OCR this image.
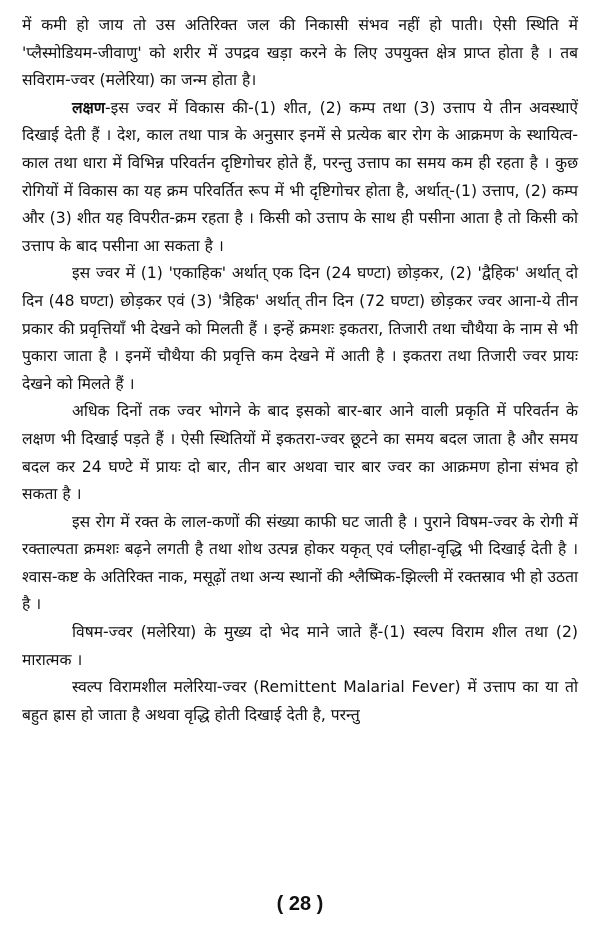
में कमी हो जाय तो उस अतिरिक्त जल की निकासी संभव नहीं हो पाती। ऐसी स्थिति में 'प्लैस्मोडियम-जीवाणु' को शरीर में उपद्रव खड़ा करने के लिए उपयुक्त क्षेत्र प्राप्त होता है । तब सविराम-ज्वर (मलेरिया) का जन्म होता है।

लक्षण-इस ज्वर में विकास की-(1) शीत, (2) कम्प तथा (3) उत्ताप ये तीन अवस्थाऐं दिखाई देती हैं । देश, काल तथा पात्र के अनुसार इनमें से प्रत्येक बार रोग के आक्रमण के स्थायित्व-काल तथा धारा में विभिन्न परिवर्तन दृष्टिगोचर होते हैं, परन्तु उत्ताप का समय कम ही रहता है । कुछ रोगियों में विकास का यह क्रम परिवर्तित रूप में भी दृष्टिगोचर होता है, अर्थात्-(1) उत्ताप, (2) कम्प और (3) शीत यह विपरीत-क्रम रहता है । किसी को उत्ताप के साथ ही पसीना आता है तो किसी को उत्ताप के बाद पसीना आ सकता है ।

इस ज्वर में (1) 'एकाहिक' अर्थात् एक दिन (24 घण्टा) छोड़कर, (2) 'द्वैहिक' अर्थात् दो दिन (48 घण्टा) छोड़कर एवं (3) 'त्रैहिक' अर्थात् तीन दिन (72 घण्टा) छोड़कर ज्वर आना-ये तीन प्रकार की प्रवृत्तियाँ भी देखने को मिलती हैं । इन्हें क्रमशः इकतरा, तिजारी तथा चौथैया के नाम से भी पुकारा जाता है । इनमें चौथैया की प्रवृत्ति कम देखने में आती है । इकतरा तथा तिजारी ज्वर प्रायः देखने को मिलते हैं ।

अधिक दिनों तक ज्वर भोगने के बाद इसको बार-बार आने वाली प्रकृति में परिवर्तन के लक्षण भी दिखाई पड़ते हैं । ऐसी स्थितियों में इकतरा-ज्वर छूटने का समय बदल जाता है और समय बदल कर 24 घण्टे में प्रायः दो बार, तीन बार अथवा चार बार ज्वर का आक्रमण होना संभव हो सकता है ।

इस रोग में रक्त के लाल-कणों की संख्या काफी घट जाती है । पुराने विषम-ज्वर के रोगी में रक्ताल्पता क्रमशः बढ़ने लगती है तथा शोथ उत्पन्न होकर यकृत् एवं प्लीहा-वृद्धि भी दिखाई देती है । श्वास-कष्ट के अतिरिक्त नाक, मसूढ़ों तथा अन्य स्थानों की श्लैष्मिक-झिल्ली में रक्तस्राव भी हो उठता है ।

विषम-ज्वर (मलेरिया) के मुख्य दो भेद माने जाते हैं-(1) स्वल्प विराम शील तथा (2) मारात्मक ।

स्वल्प विरामशील मलेरिया-ज्वर (Remittent Malarial Fever) में उत्ताप का या तो बहुत ह्रास हो जाता है अथवा वृद्धि होती दिखाई देती है, परन्तु

( 28 )
